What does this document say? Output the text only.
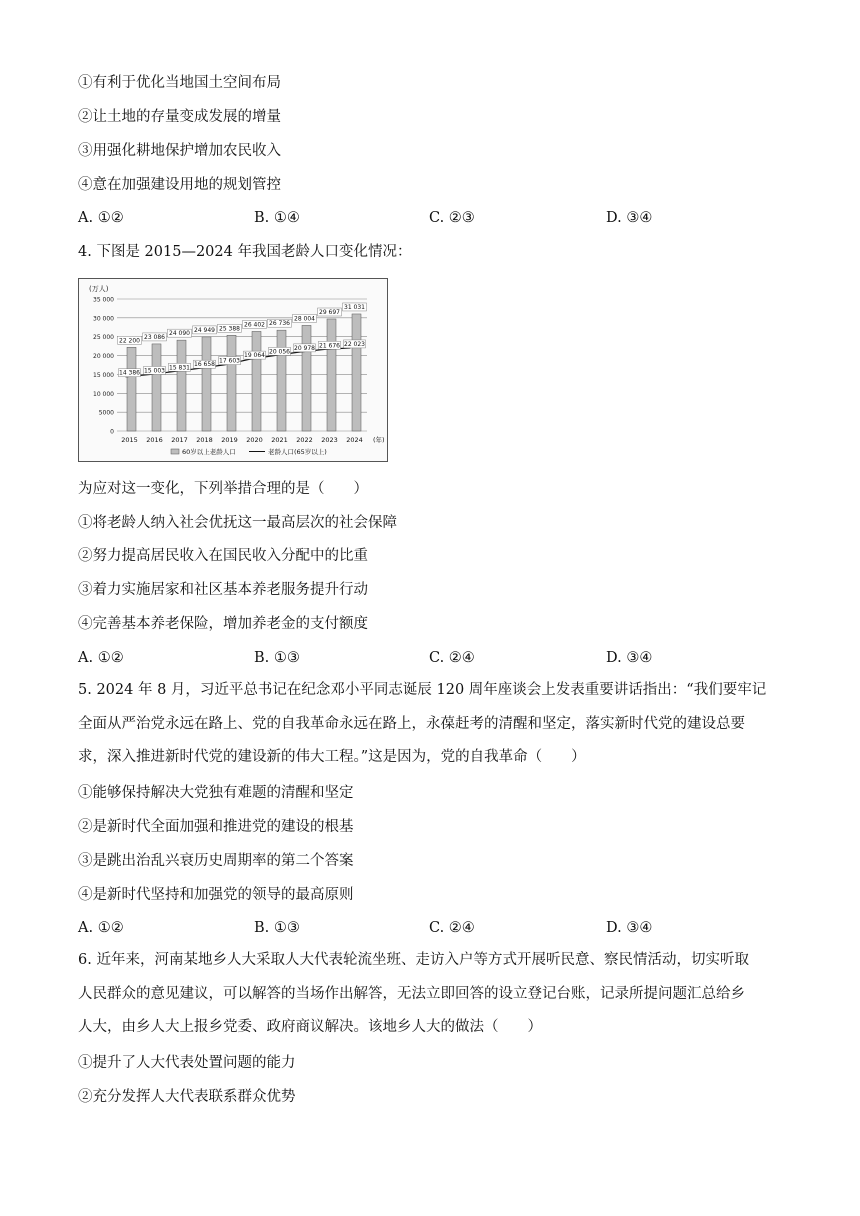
①有利于优化当地国土空间布局
②让土地的存量变成发展的增量
③用强化耕地保护增加农民收入
④意在加强建设用地的规划管控
A. ①②	B. ①④	C. ②③	D. ③④
4. 下图是 2015—2024 年我国老龄人口变化情况：
(万人)
0
5000
10 000
15 000
20 000
25 000
30 000
35 000
22 200 23 086
24 090 24 949 25 388
26 402 26 736
28 004
29 697
31 031
14 386 15 003 15 831 16 658
17 603
19 064
20 056 20 978 21 676 22 023
2015 2016 2017 2018 2019 2020 2021 2022 2023 2024 (年)
60岁以上老龄人口	老龄人口(65岁以上)
为应对这一变化，下列举措合理的是（　　）
①将老龄人纳入社会优抚这一最高层次的社会保障
②努力提高居民收入在国民收入分配中的比重
③着力实施居家和社区基本养老服务提升行动
④完善基本养老保险，增加养老金的支付额度
A. ①②	B. ①③	C. ②④	D. ③④
5. 2024 年 8 月，习近平总书记在纪念邓小平同志诞辰 120 周年座谈会上发表重要讲话指出：“我们要牢记
全面从严治党永远在路上、党的自我革命永远在路上，永葆赶考的清醒和坚定，落实新时代党的建设总要
求，深入推进新时代党的建设新的伟大工程。”这是因为，党的自我革命（　　）
①能够保持解决大党独有难题的清醒和坚定
②是新时代全面加强和推进党的建设的根基
③是跳出治乱兴衰历史周期率的第二个答案
④是新时代坚持和加强党的领导的最高原则
A. ①②	B. ①③	C. ②④	D. ③④
6. 近年来，河南某地乡人大采取人大代表轮流坐班、走访入户等方式开展听民意、察民情活动，切实听取
人民群众的意见建议，可以解答的当场作出解答，无法立即回答的设立登记台账，记录所提问题汇总给乡
人大，由乡人大上报乡党委、政府商议解决。该地乡人大的做法（　　）
①提升了人大代表处置问题的能力
②充分发挥人大代表联系群众优势
